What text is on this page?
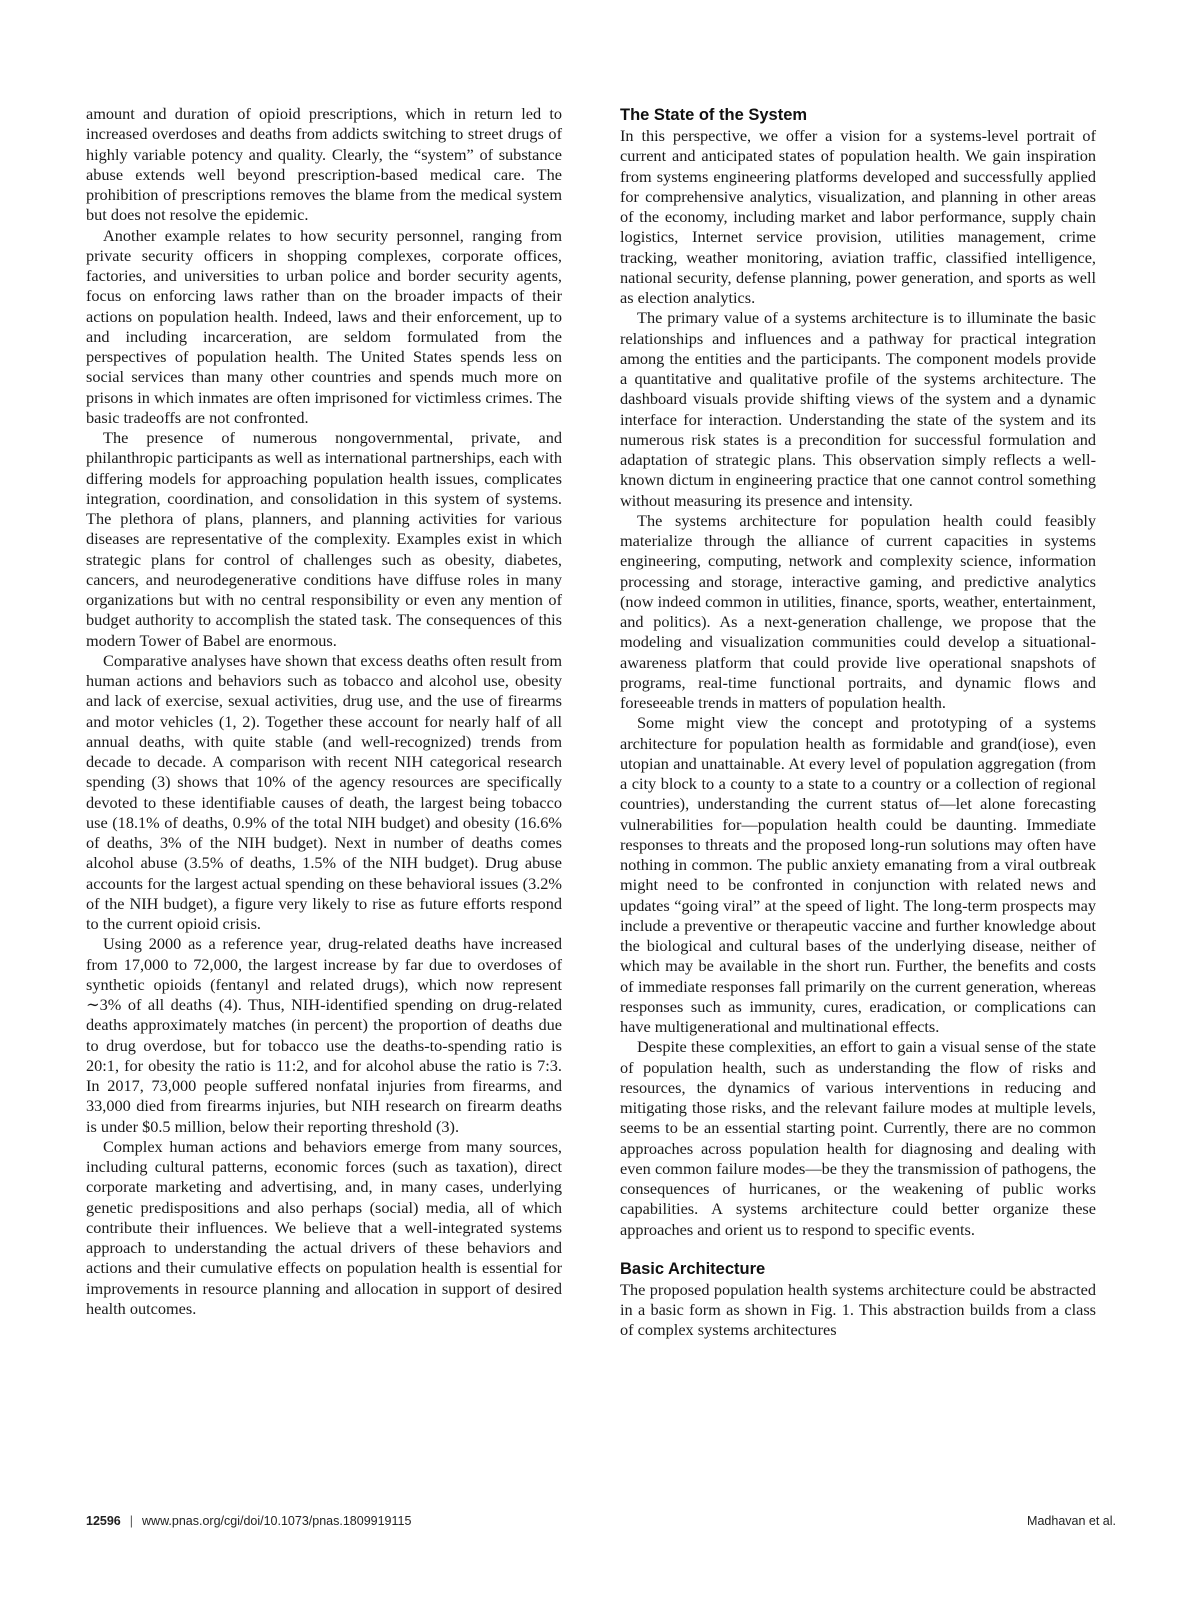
amount and duration of opioid prescriptions, which in return led to increased overdoses and deaths from addicts switching to street drugs of highly variable potency and quality. Clearly, the “system” of substance abuse extends well beyond prescription-based medical care. The prohibition of prescriptions removes the blame from the medical system but does not resolve the epidemic.

Another example relates to how security personnel, ranging from private security officers in shopping complexes, corporate offices, factories, and universities to urban police and border security agents, focus on enforcing laws rather than on the broader impacts of their actions on population health. Indeed, laws and their enforcement, up to and including incarceration, are seldom formulated from the perspectives of population health. The United States spends less on social services than many other countries and spends much more on prisons in which inmates are often imprisoned for victimless crimes. The basic tradeoffs are not confronted.

The presence of numerous nongovernmental, private, and philanthropic participants as well as international partnerships, each with differing models for approaching population health issues, complicates integration, coordination, and consolidation in this system of systems. The plethora of plans, planners, and planning activities for various diseases are representative of the complexity. Examples exist in which strategic plans for control of challenges such as obesity, diabetes, cancers, and neurodegenerative conditions have diffuse roles in many organizations but with no central responsibility or even any mention of budget authority to accomplish the stated task. The consequences of this modern Tower of Babel are enormous.

Comparative analyses have shown that excess deaths often result from human actions and behaviors such as tobacco and alcohol use, obesity and lack of exercise, sexual activities, drug use, and the use of firearms and motor vehicles (1, 2). Together these account for nearly half of all annual deaths, with quite stable (and well-recognized) trends from decade to decade. A comparison with recent NIH categorical research spending (3) shows that 10% of the agency resources are specifically devoted to these identifiable causes of death, the largest being tobacco use (18.1% of deaths, 0.9% of the total NIH budget) and obesity (16.6% of deaths, 3% of the NIH budget). Next in number of deaths comes alcohol abuse (3.5% of deaths, 1.5% of the NIH budget). Drug abuse accounts for the largest actual spending on these behavioral issues (3.2% of the NIH budget), a figure very likely to rise as future efforts respond to the current opioid crisis.

Using 2000 as a reference year, drug-related deaths have increased from 17,000 to 72,000, the largest increase by far due to overdoses of synthetic opioids (fentanyl and related drugs), which now represent ∼3% of all deaths (4). Thus, NIH-identified spending on drug-related deaths approximately matches (in percent) the proportion of deaths due to drug overdose, but for tobacco use the deaths-to-spending ratio is 20:1, for obesity the ratio is 11:2, and for alcohol abuse the ratio is 7:3. In 2017, 73,000 people suffered nonfatal injuries from firearms, and 33,000 died from firearms injuries, but NIH research on firearm deaths is under $0.5 million, below their reporting threshold (3).

Complex human actions and behaviors emerge from many sources, including cultural patterns, economic forces (such as taxation), direct corporate marketing and advertising, and, in many cases, underlying genetic predispositions and also perhaps (social) media, all of which contribute their influences. We believe that a well-integrated systems approach to understanding the actual drivers of these behaviors and actions and their cumulative effects on population health is essential for improvements in resource planning and allocation in support of desired health outcomes.

The State of the System

In this perspective, we offer a vision for a systems-level portrait of current and anticipated states of population health. We gain inspiration from systems engineering platforms developed and successfully applied for comprehensive analytics, visualization, and planning in other areas of the economy, including market and labor performance, supply chain logistics, Internet service provision, utilities management, crime tracking, weather monitoring, aviation traffic, classified intelligence, national security, defense planning, power generation, and sports as well as election analytics.

The primary value of a systems architecture is to illuminate the basic relationships and influences and a pathway for practical integration among the entities and the participants. The component models provide a quantitative and qualitative profile of the systems architecture. The dashboard visuals provide shifting views of the system and a dynamic interface for interaction. Understanding the state of the system and its numerous risk states is a precondition for successful formulation and adaptation of strategic plans. This observation simply reflects a well-known dictum in engineering practice that one cannot control something without measuring its presence and intensity.

The systems architecture for population health could feasibly materialize through the alliance of current capacities in systems engineering, computing, network and complexity science, information processing and storage, interactive gaming, and predictive analytics (now indeed common in utilities, finance, sports, weather, entertainment, and politics). As a next-generation challenge, we propose that the modeling and visualization communities could develop a situational-awareness platform that could provide live operational snapshots of programs, real-time functional portraits, and dynamic flows and foreseeable trends in matters of population health.

Some might view the concept and prototyping of a systems architecture for population health as formidable and grand(iose), even utopian and unattainable. At every level of population aggregation (from a city block to a county to a state to a country or a collection of regional countries), understanding the current status of—let alone forecasting vulnerabilities for—population health could be daunting. Immediate responses to threats and the proposed long-run solutions may often have nothing in common. The public anxiety emanating from a viral outbreak might need to be confronted in conjunction with related news and updates “going viral” at the speed of light. The long-term prospects may include a preventive or therapeutic vaccine and further knowledge about the biological and cultural bases of the underlying disease, neither of which may be available in the short run. Further, the benefits and costs of immediate responses fall primarily on the current generation, whereas responses such as immunity, cures, eradication, or complications can have multigenerational and multinational effects.

Despite these complexities, an effort to gain a visual sense of the state of population health, such as understanding the flow of risks and resources, the dynamics of various interventions in reducing and mitigating those risks, and the relevant failure modes at multiple levels, seems to be an essential starting point. Currently, there are no common approaches across population health for diagnosing and dealing with even common failure modes—be they the transmission of pathogens, the consequences of hurricanes, or the weakening of public works capabilities. A systems architecture could better organize these approaches and orient us to respond to specific events.

Basic Architecture

The proposed population health systems architecture could be abstracted in a basic form as shown in Fig. 1. This abstraction builds from a class of complex systems architectures

12596 | www.pnas.org/cgi/doi/10.1073/pnas.1809919115	Madhavan et al.
